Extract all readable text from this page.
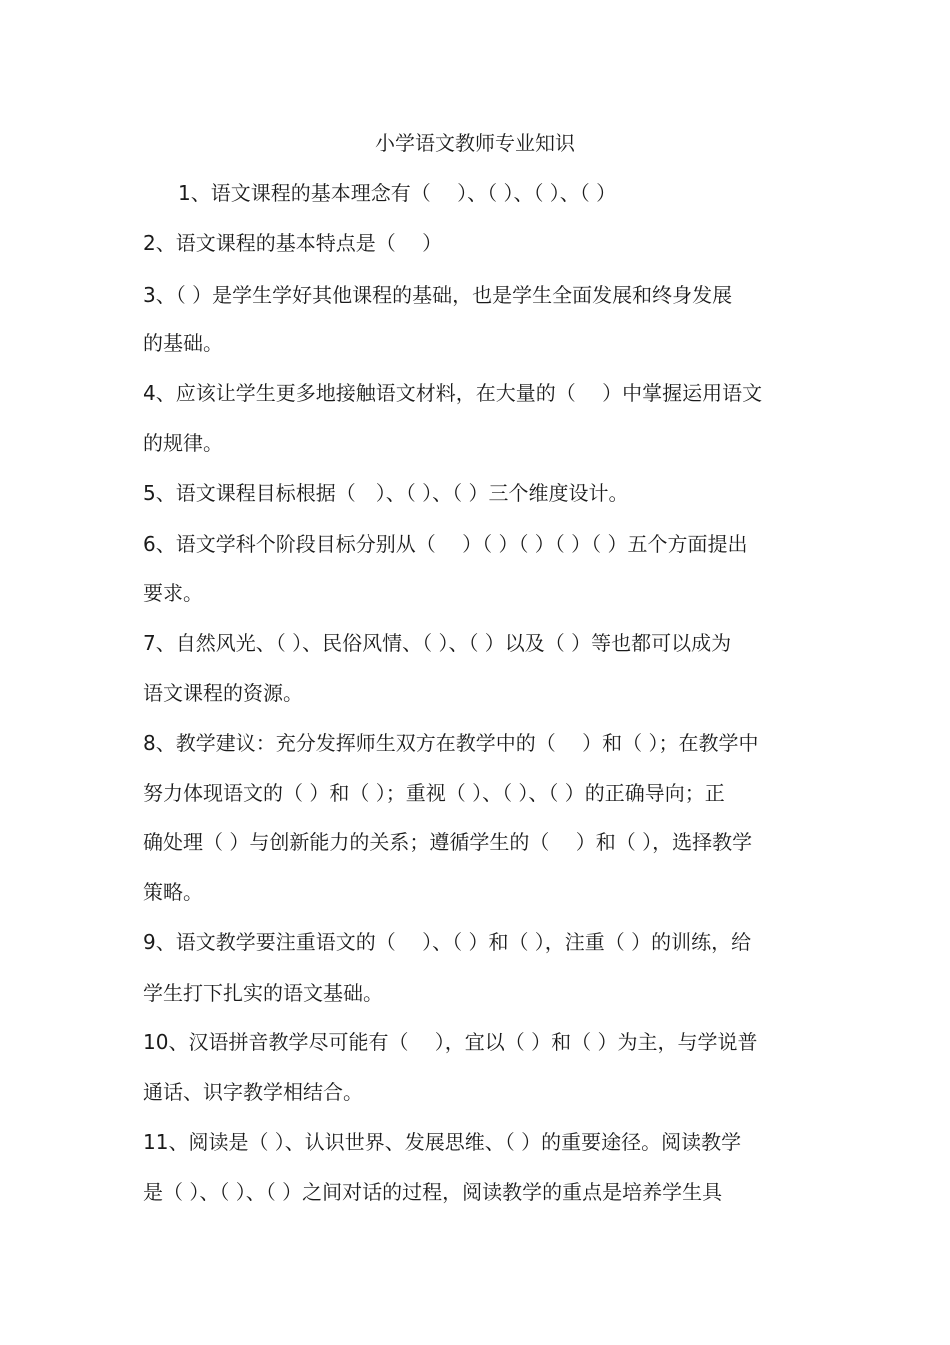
小学语文教师专业知识
1、语文课程的基本理念有（　 ）、（ ）、（ ）、（ ）
2、语文课程的基本特点是（　 ）
3、（ ）是学生学好其他课程的基础，也是学生全面发展和终身发展
的基础。
4、应该让学生更多地接触语文材料，在大量的（　 ）中掌握运用语文
的规律。
5、语文课程目标根据（　）、（ ）、（ ）三个维度设计。
6、语文学科个阶段目标分别从（　 ）（ ）（ ）（ ）（ ）五个方面提出
要求。
7、自然风光、（ ）、民俗风情、（ ）、（ ）以及（ ）等也都可以成为
语文课程的资源。
8、教学建议：充分发挥师生双方在教学中的（　 ）和（ ）；在教学中
努力体现语文的（ ）和（ ）；重视（ ）、（ ）、（ ）的正确导向；正
确处理（ ）与创新能力的关系；遵循学生的（　 ）和（ ），选择教学
策略。
9、语文教学要注重语文的（　 ）、（ ）和（ ），注重（ ）的训练，给
学生打下扎实的语文基础。
10、汉语拼音教学尽可能有（　 ），宜以（ ）和（ ）为主，与学说普
通话、识字教学相结合。
11、阅读是（ ）、认识世界、发展思维、（ ）的重要途径。阅读教学
是（ ）、（ ）、（ ）之间对话的过程，阅读教学的重点是培养学生具
